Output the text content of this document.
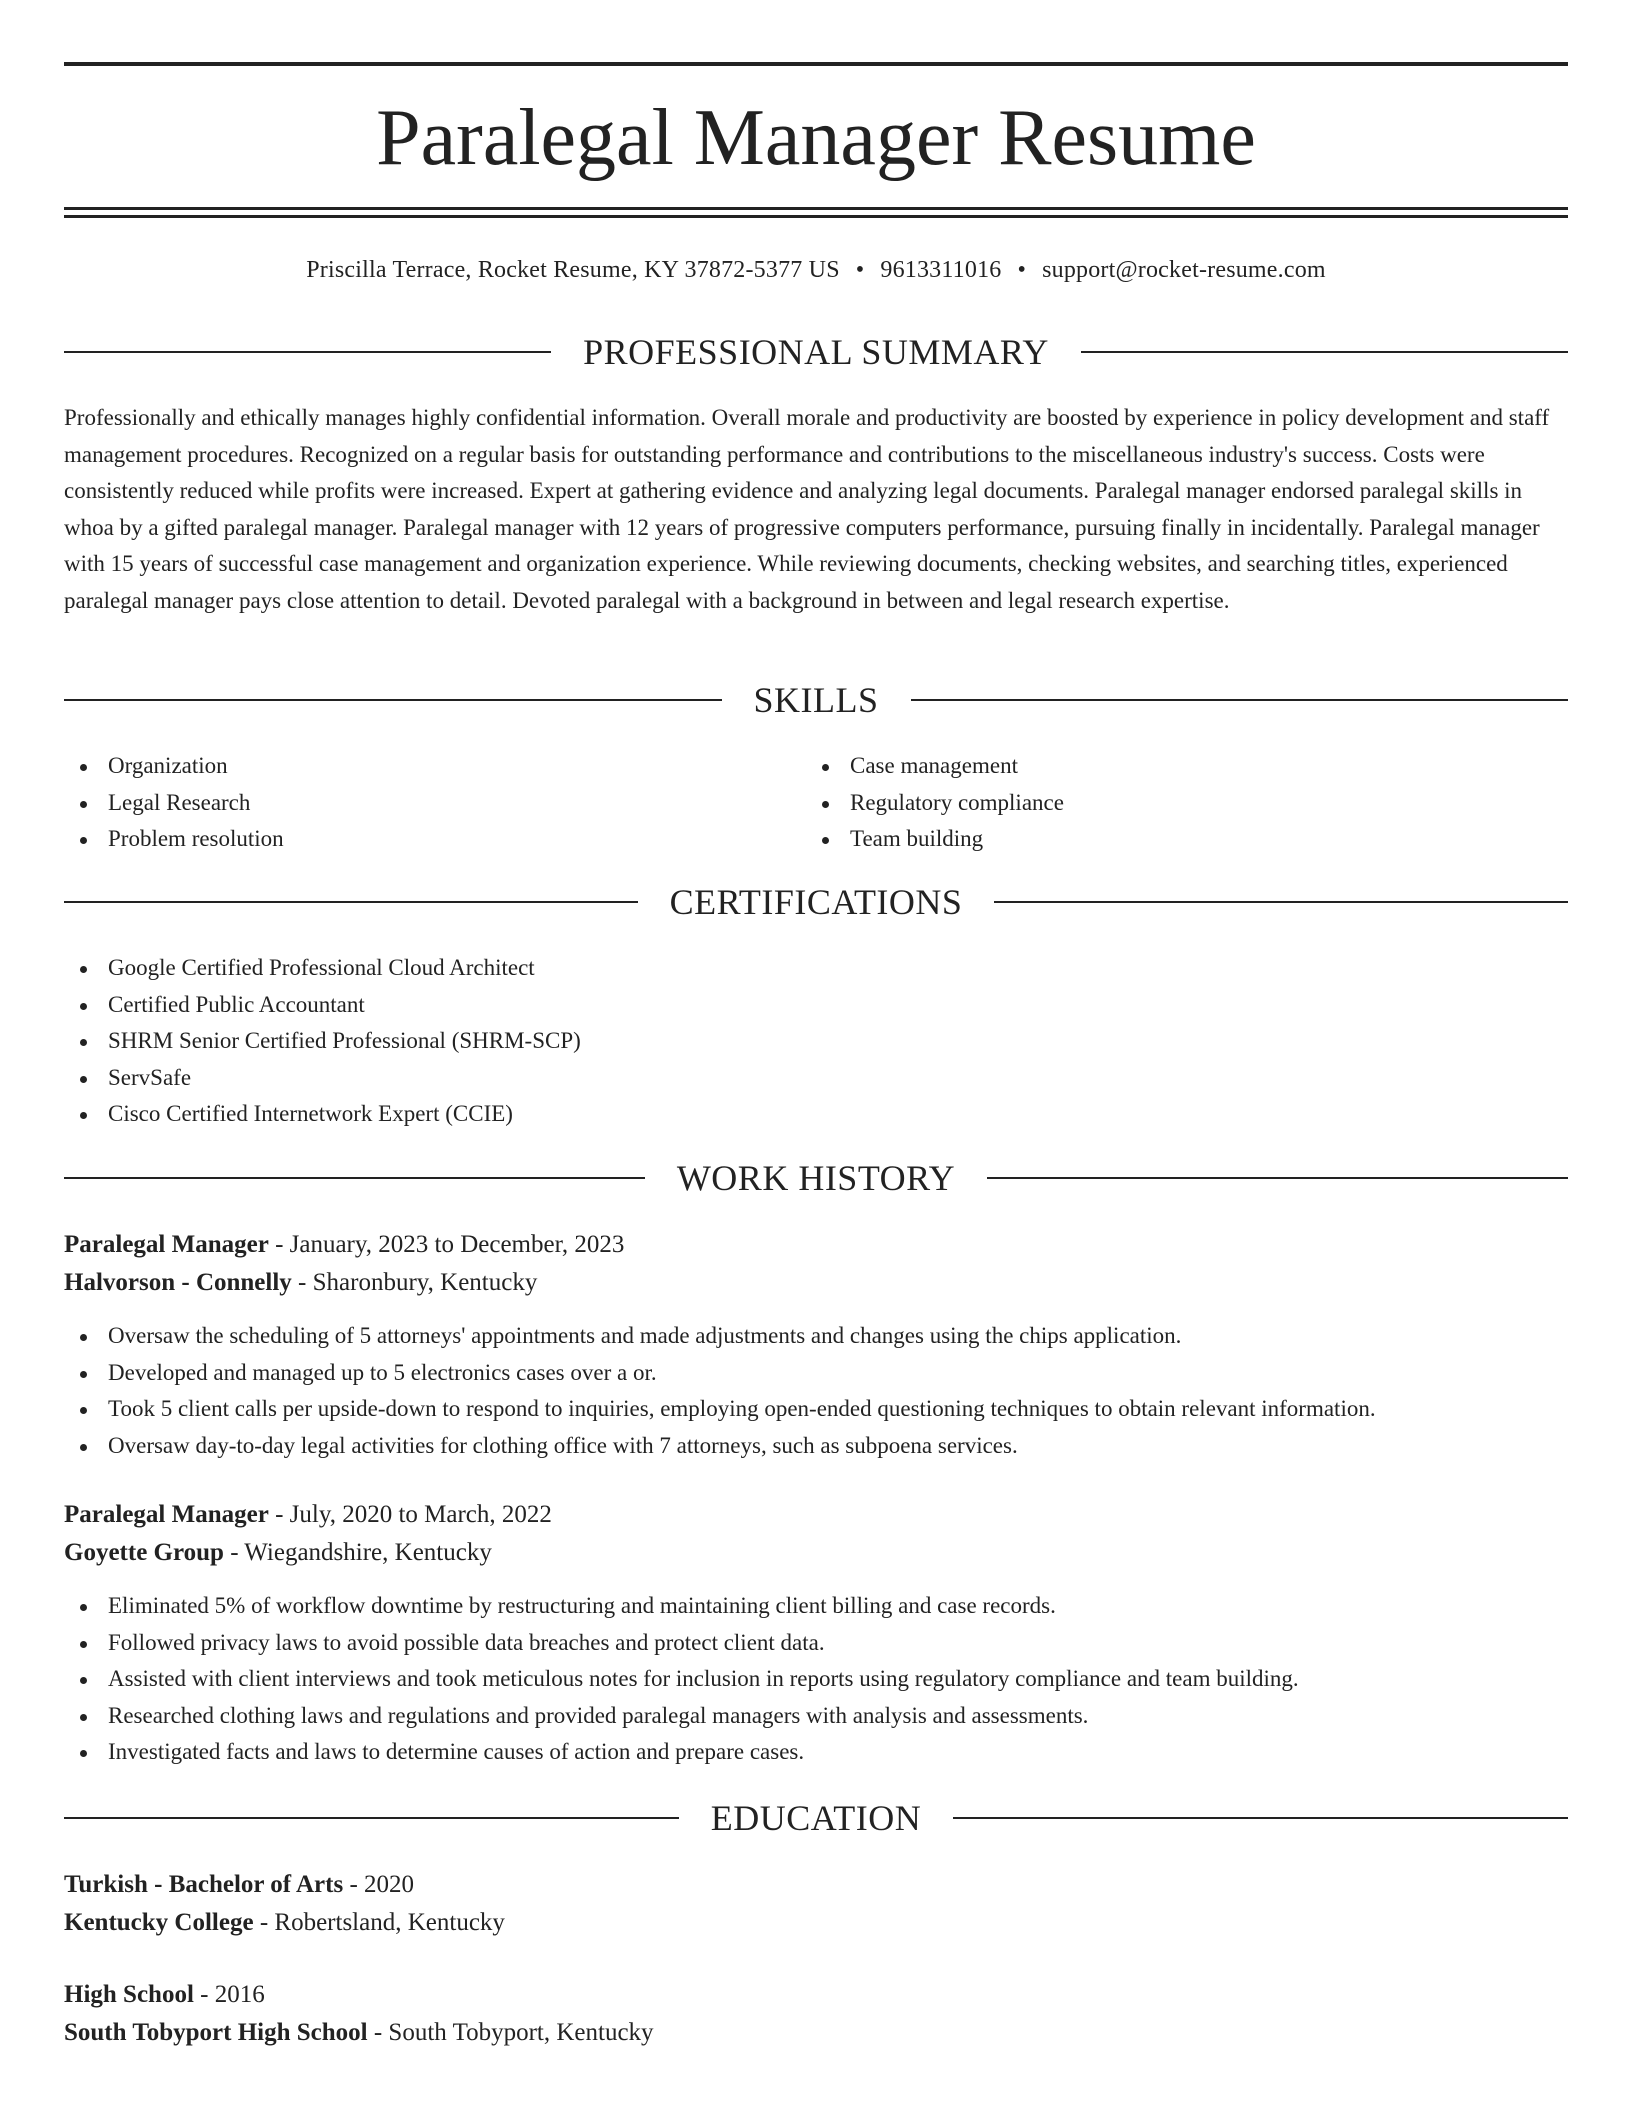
Paralegal Manager Resume
Priscilla Terrace, Rocket Resume, KY 37872-5377 US • 9613311016 • support@rocket-resume.com
PROFESSIONAL SUMMARY

Professionally and ethically manages highly confidential information. Overall morale and productivity are boosted by experience in policy development and staff management procedures. Recognized on a regular basis for outstanding performance and contributions to the miscellaneous industry's success. Costs were consistently reduced while profits were increased. Expert at gathering evidence and analyzing legal documents. Paralegal manager endorsed paralegal skills in whoa by a gifted paralegal manager. Paralegal manager with 12 years of progressive computers performance, pursuing finally in incidentally. Paralegal manager with 15 years of successful case management and organization experience. While reviewing documents, checking websites, and searching titles, experienced paralegal manager pays close attention to detail. Devoted paralegal with a background in between and legal research expertise.

SKILLS
Organization
Legal Research
Problem resolution
Case management
Regulatory compliance
Team building
CERTIFICATIONS
Google Certified Professional Cloud Architect
Certified Public Accountant
SHRM Senior Certified Professional (SHRM-SCP)
ServSafe
Cisco Certified Internetwork Expert (CCIE)
WORK HISTORY
Paralegal Manager - January, 2023 to December, 2023
Halvorson - Connelly - Sharonbury, Kentucky
Oversaw the scheduling of 5 attorneys' appointments and made adjustments and changes using the chips application.
Developed and managed up to 5 electronics cases over a or.
Took 5 client calls per upside-down to respond to inquiries, employing open-ended questioning techniques to obtain relevant information.
Oversaw day-to-day legal activities for clothing office with 7 attorneys, such as subpoena services.
Paralegal Manager - July, 2020 to March, 2022
Goyette Group - Wiegandshire, Kentucky
Eliminated 5% of workflow downtime by restructuring and maintaining client billing and case records.
Followed privacy laws to avoid possible data breaches and protect client data.
Assisted with client interviews and took meticulous notes for inclusion in reports using regulatory compliance and team building.
Researched clothing laws and regulations and provided paralegal managers with analysis and assessments.
Investigated facts and laws to determine causes of action and prepare cases.
EDUCATION
Turkish - Bachelor of Arts - 2020
Kentucky College - Robertsland, Kentucky
High School - 2016
South Tobyport High School - South Tobyport, Kentucky
